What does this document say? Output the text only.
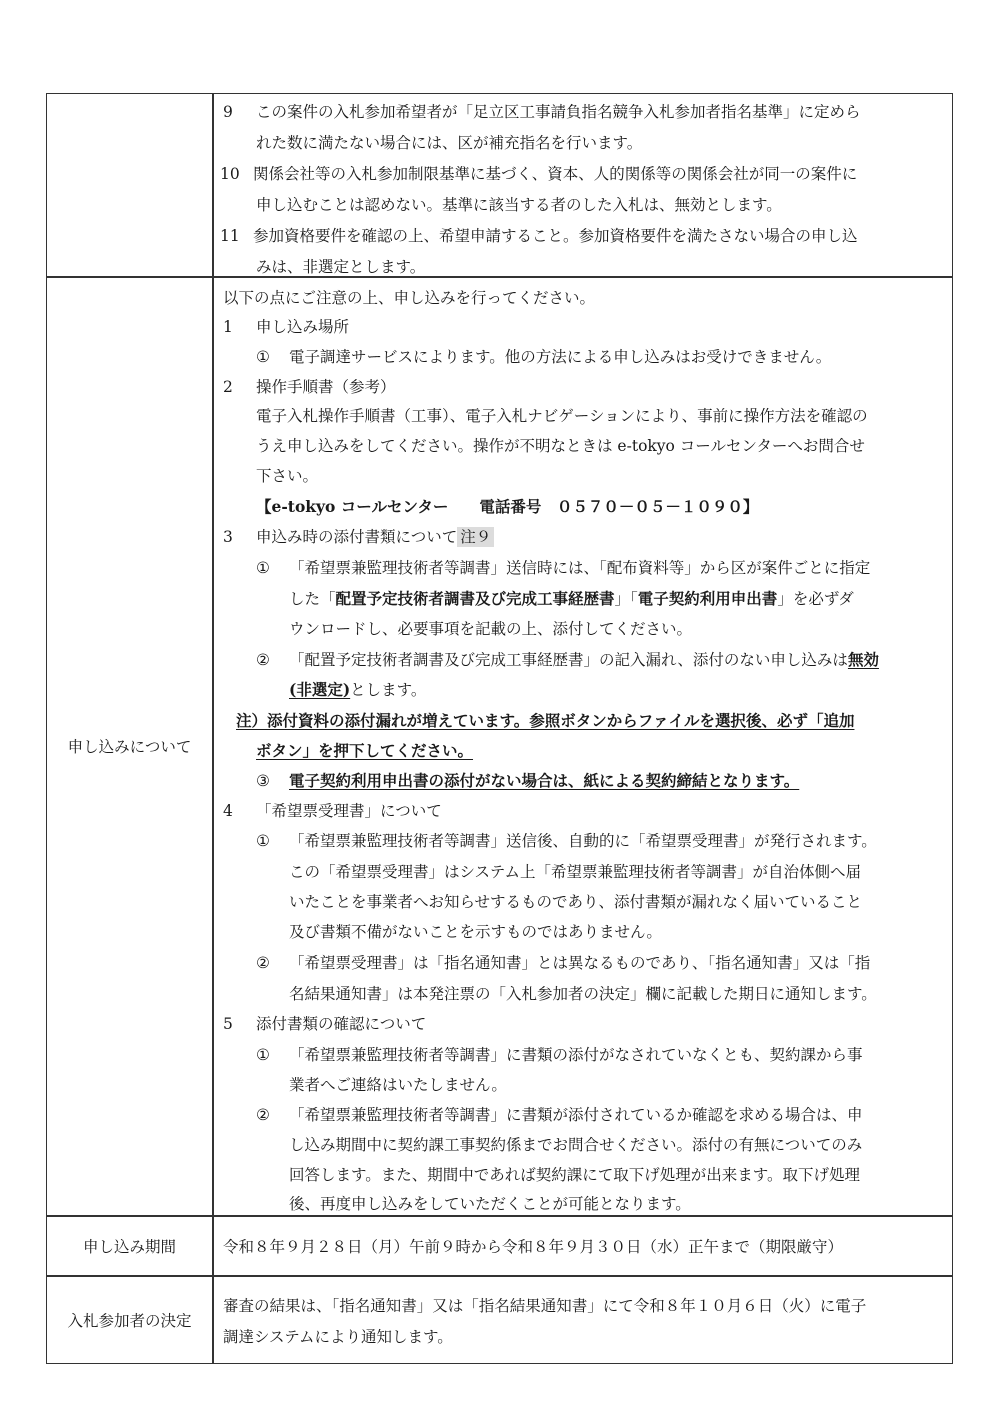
9 この案件の入札参加希望者が「足立区工事請負指名競争入札参加者指名基準」に定めら
れた数に満たない場合には、区が補充指名を行います。
10 関係会社等の入札参加制限基準に基づく、資本、人的関係等の関係会社が同一の案件に
申し込むことは認めない。基準に該当する者のした入札は、無効とします。
11 参加資格要件を確認の上、希望申請すること。参加資格要件を満たさない場合の申し込
みは、非選定とします。
申し込みについて
以下の点にご注意の上、申し込みを行ってください。
1 申し込み場所
① 電子調達サービスによります。他の方法による申し込みはお受けできません。
2 操作手順書（参考）
電子入札操作手順書（工事）、電子入札ナビゲーションにより、事前に操作方法を確認の
うえ申し込みをしてください。操作が不明なときは e-tokyo コールセンターへお問合せ
下さい。
【e-tokyo コールセンター　　電話番号　０５７０－０５－１０９０】
3 申込み時の添付書類について 注９
① 「希望票兼監理技術者等調書」送信時には、「配布資料等」から区が案件ごとに指定
した「配置予定技術者調書及び完成工事経歴書」「電子契約利用申出書」を必ずダ
ウンロードし、必要事項を記載の上、添付してください。
② 「配置予定技術者調書及び完成工事経歴書」の記入漏れ、添付のない申し込みは無効
(非選定)とします。
注）添付資料の添付漏れが増えています。参照ボタンからファイルを選択後、必ず「追加
ボタン」を押下してください。
③ 電子契約利用申出書の添付がない場合は、紙による契約締結となります。
4 「希望票受理書」について
① 「希望票兼監理技術者等調書」送信後、自動的に「希望票受理書」が発行されます。
この「希望票受理書」はシステム上「希望票兼監理技術者等調書」が自治体側へ届
いたことを事業者へお知らせするものであり、添付書類が漏れなく届いていること
及び書類不備がないことを示すものではありません。
② 「希望票受理書」は「指名通知書」とは異なるものであり、「指名通知書」又は「指
名結果通知書」は本発注票の「入札参加者の決定」欄に記載した期日に通知します。
5 添付書類の確認について
① 「希望票兼監理技術者等調書」に書類の添付がなされていなくとも、契約課から事
業者へご連絡はいたしません。
② 「希望票兼監理技術者等調書」に書類が添付されているか確認を求める場合は、申
し込み期間中に契約課工事契約係までお問合せください。添付の有無についてのみ
回答します。また、期間中であれば契約課にて取下げ処理が出来ます。取下げ処理
後、再度申し込みをしていただくことが可能となります。
申し込み期間	令和８年９月２８日（月）午前９時から令和８年９月３０日（水）正午まで（期限厳守）
入札参加者の決定
審査の結果は、「指名通知書」又は「指名結果通知書」にて令和８年１０月６日（火）に電子
調達システムにより通知します。
